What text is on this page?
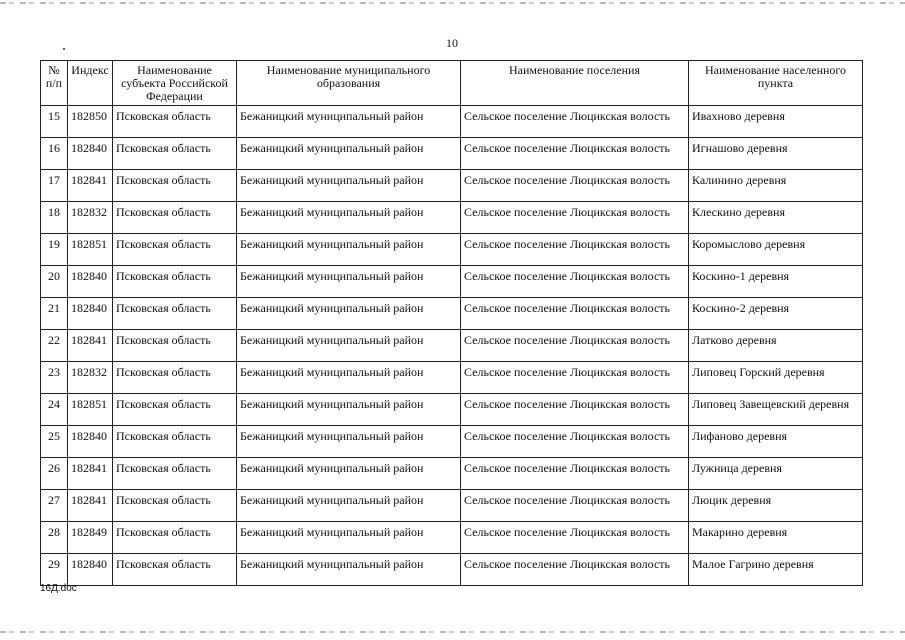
10
№ п/п	Индекс	Наименование субъекта Российской Федерации	Наименование муниципального образования	Наименование поселения	Наименование населенного пункта
15	182850	Псковская область	Бежаницкий муниципальный район	Сельское поселение Люцикская волость	Ивахново деревня
16	182840	Псковская область	Бежаницкий муниципальный район	Сельское поселение Люцикская волость	Игнашово деревня
17	182841	Псковская область	Бежаницкий муниципальный район	Сельское поселение Люцикская волость	Калинино деревня
18	182832	Псковская область	Бежаницкий муниципальный район	Сельское поселение Люцикская волость	Клескино деревня
19	182851	Псковская область	Бежаницкий муниципальный район	Сельское поселение Люцикская волость	Коромыслово деревня
20	182840	Псковская область	Бежаницкий муниципальный район	Сельское поселение Люцикская волость	Коскино-1 деревня
21	182840	Псковская область	Бежаницкий муниципальный район	Сельское поселение Люцикская волость	Коскино-2 деревня
22	182841	Псковская область	Бежаницкий муниципальный район	Сельское поселение Люцикская волость	Латково деревня
23	182832	Псковская область	Бежаницкий муниципальный район	Сельское поселение Люцикская волость	Липовец Горский деревня
24	182851	Псковская область	Бежаницкий муниципальный район	Сельское поселение Люцикская волость	Липовец Завещевский деревня
25	182840	Псковская область	Бежаницкий муниципальный район	Сельское поселение Люцикская волость	Лифаново деревня
26	182841	Псковская область	Бежаницкий муниципальный район	Сельское поселение Люцикская волость	Лужница деревня
27	182841	Псковская область	Бежаницкий муниципальный район	Сельское поселение Люцикская волость	Люцик деревня
28	182849	Псковская область	Бежаницкий муниципальный район	Сельское поселение Люцикская волость	Макарино деревня
29	182840	Псковская область	Бежаницкий муниципальный район	Сельское поселение Люцикская волость	Малое Гагрино деревня
16Д.doc
